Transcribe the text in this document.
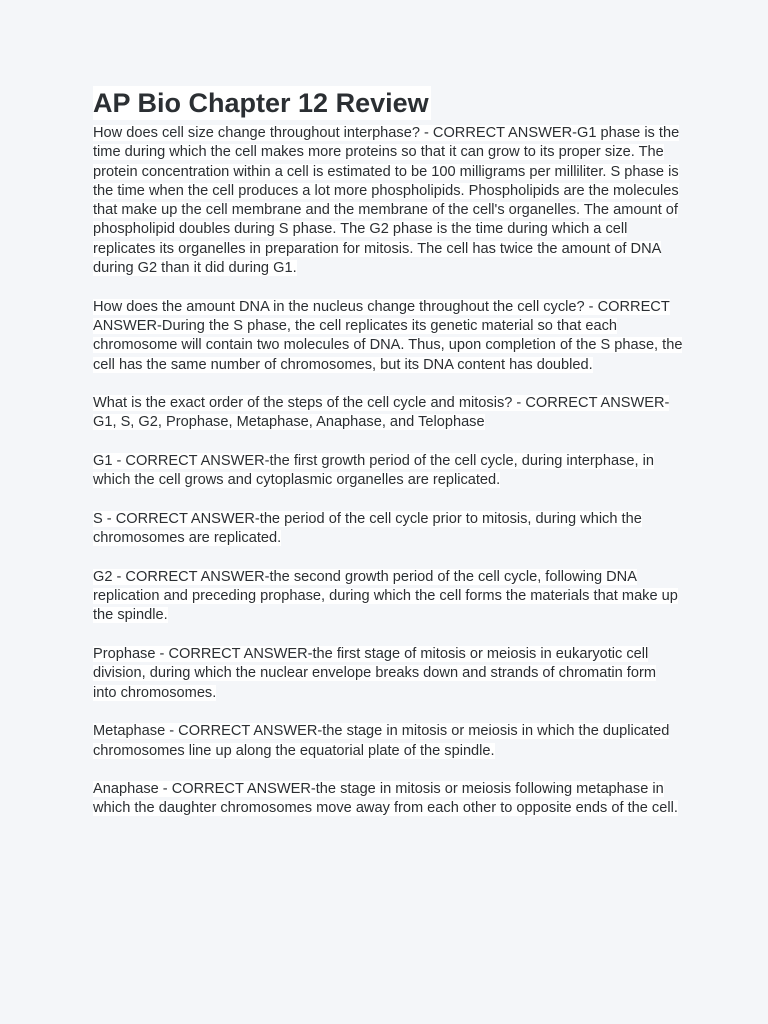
AP Bio Chapter 12 Review

How does cell size change throughout interphase? - CORRECT ANSWER-G1 phase is the time during which the cell makes more proteins so that it can grow to its proper size. The protein concentration within a cell is estimated to be 100 milligrams per milliliter. S phase is the time when the cell produces a lot more phospholipids. Phospholipids are the molecules that make up the cell membrane and the membrane of the cell's organelles. The amount of phospholipid doubles during S phase. The G2 phase is the time during which a cell replicates its organelles in preparation for mitosis. The cell has twice the amount of DNA during G2 than it did during G1.

How does the amount DNA in the nucleus change throughout the cell cycle? - CORRECT ANSWER-During the S phase, the cell replicates its genetic material so that each chromosome will contain two molecules of DNA. Thus, upon completion of the S phase, the cell has the same number of chromosomes, but its DNA content has doubled.

What is the exact order of the steps of the cell cycle and mitosis? - CORRECT ANSWER-G1, S, G2, Prophase, Metaphase, Anaphase, and Telophase

G1 - CORRECT ANSWER-the first growth period of the cell cycle, during interphase, in which the cell grows and cytoplasmic organelles are replicated.

S - CORRECT ANSWER-the period of the cell cycle prior to mitosis, during which the chromosomes are replicated.

G2 - CORRECT ANSWER-the second growth period of the cell cycle, following DNA replication and preceding prophase, during which the cell forms the materials that make up the spindle.

Prophase - CORRECT ANSWER-the first stage of mitosis or meiosis in eukaryotic cell division, during which the nuclear envelope breaks down and strands of chromatin form into chromosomes.

Metaphase - CORRECT ANSWER-the stage in mitosis or meiosis in which the duplicated chromosomes line up along the equatorial plate of the spindle.

Anaphase - CORRECT ANSWER-the stage in mitosis or meiosis following metaphase in which the daughter chromosomes move away from each other to opposite ends of the cell.
